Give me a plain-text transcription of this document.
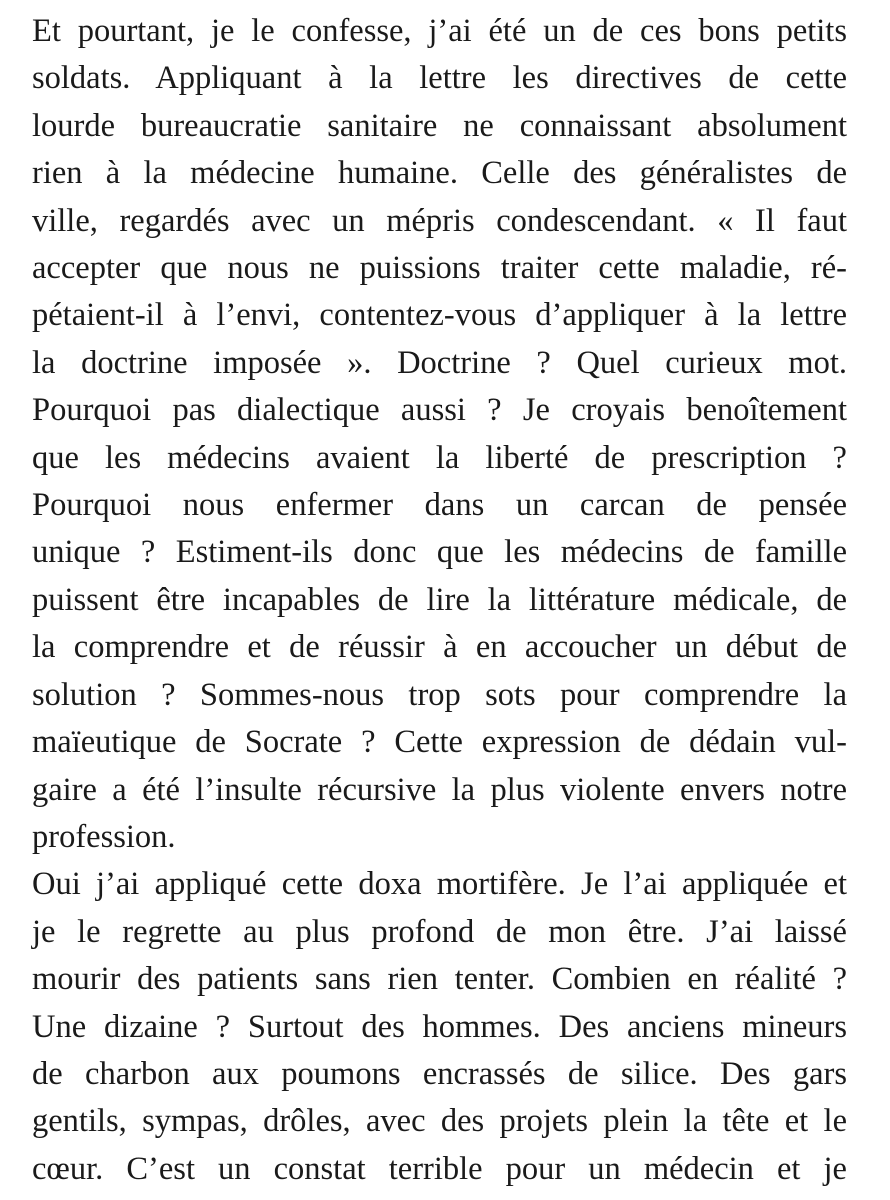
Et pourtant, je le confesse, j’ai été un de ces bons petits
soldats. Appliquant à la lettre les directives de cette
lourde bureaucratie sanitaire ne connaissant absolument
rien à la médecine humaine. Celle des généralistes de
ville, regardés avec un mépris condescendant. « Il faut
accepter que nous ne puissions traiter cette maladie, ré-
pétaient-il à l’envi, contentez-vous d’appliquer à la lettre
la doctrine imposée ». Doctrine ? Quel curieux mot.
Pourquoi pas dialectique aussi ? Je croyais benoîtement
que les médecins avaient la liberté de prescription ?
Pourquoi nous enfermer dans un carcan de pensée
unique ? Estiment-ils donc que les médecins de famille
puissent être incapables de lire la littérature médicale, de
la comprendre et de réussir à en accoucher un début de
solution ? Sommes-nous trop sots pour comprendre la
maïeutique de Socrate ? Cette expression de dédain vul-
gaire a été l’insulte récursive la plus violente envers notre
profession.
Oui j’ai appliqué cette doxa mortifère. Je l’ai appliquée et
je le regrette au plus profond de mon être. J’ai laissé
mourir des patients sans rien tenter. Combien en réalité ?
Une dizaine ? Surtout des hommes. Des anciens mineurs
de charbon aux poumons encrassés de silice. Des gars
gentils, sympas, drôles, avec des projets plein la tête et le
cœur. C’est un constat terrible pour un médecin et je
